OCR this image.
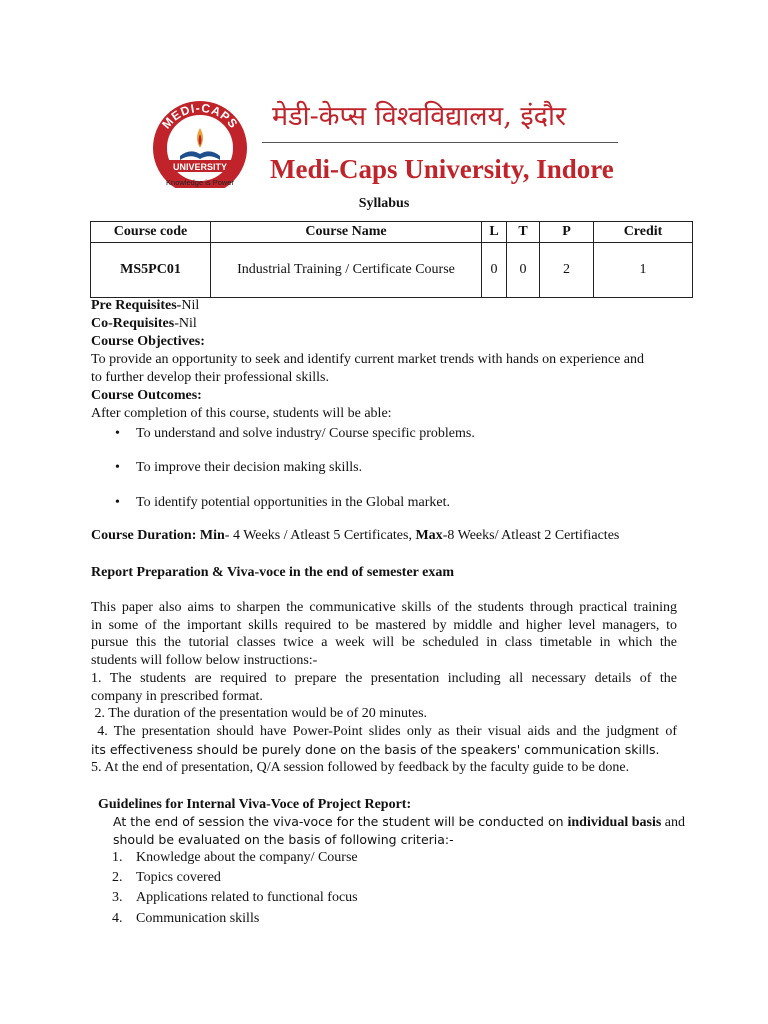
MEDI-CAPS
UNIVERSITY
Knowledge is Power
मेडी-केप्स विश्वविद्यालय, इंदौर
Medi-Caps University, Indore
Syllabus
Course code	Course Name	L	T	P	Credit
MS5PC01	Industrial Training / Certificate Course	0	0	2	1
Pre Requisites-Nil
Co-Requisites-Nil
Course Objectives:
To provide an opportunity to seek and identify current market trends with hands on experience and
to further develop their professional skills.
Course Outcomes:
After completion of this course, students will be able:
• To understand and solve industry/ Course specific problems.
• To improve their decision making skills.
• To identify potential opportunities in the Global market.
Course Duration: Min- 4 Weeks / Atleast 5 Certificates, Max-8 Weeks/ Atleast 2 Certifiactes
Report Preparation & Viva-voce in the end of semester exam
This paper also aims to sharpen the communicative skills of the students through practical training
in some of the important skills required to be mastered by middle and higher level managers, to
pursue this the tutorial classes twice a week will be scheduled in class timetable in which the
students will follow below instructions:-
1. The students are required to prepare the presentation including all necessary details of the
company in prescribed format.
2. The duration of the presentation would be of 20 minutes.
4. The presentation should have Power-Point slides only as their visual aids and the judgment of
its effectiveness should be purely done on the basis of the speakers' communication skills.
5. At the end of presentation, Q/A session followed by feedback by the faculty guide to be done.
Guidelines for Internal Viva-Voce of Project Report:
At the end of session the viva-voce for the student will be conducted on individual basis and
should be evaluated on the basis of following criteria:-
1. Knowledge about the company/ Course
2. Topics covered
3. Applications related to functional focus
4. Communication skills
